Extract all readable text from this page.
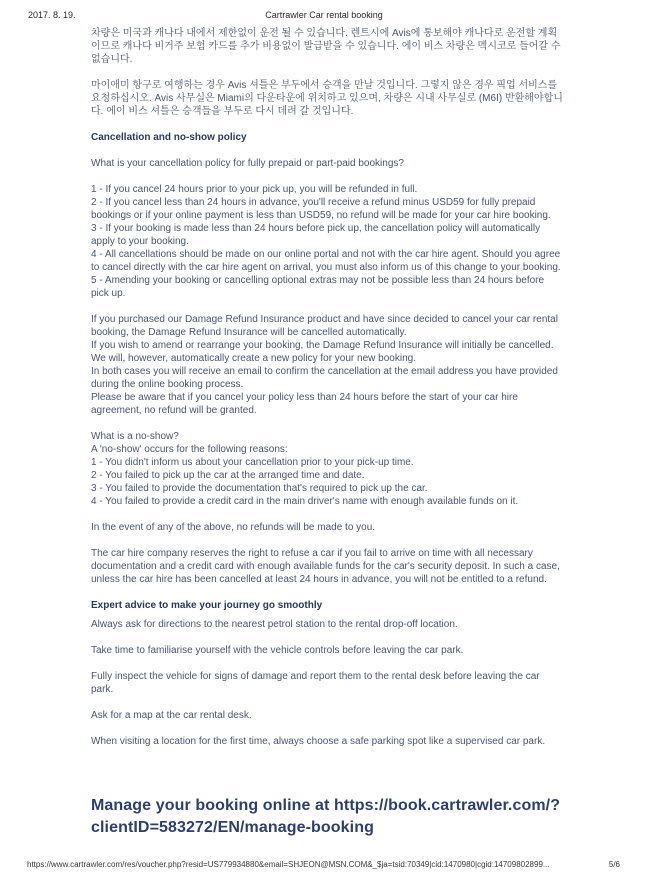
2017. 8. 19.	Cartrawler Car rental booking

차량은 미국과 캐나다 내에서 제한없이 운전 될 수 있습니다. 렌트시에 Avis에 통보해야 캐나다로 운전할 계획이므로 캐나다 비거주 보험 카드를 추가 비용없이 발급받을 수 있습니다. 에이 비스 차량은 멕시코로 들어갈 수 없습니다.

마이애미 항구로 여행하는 경우 Avis 셔틀은 부두에서 승객을 만날 것입니다. 그렇지 않은 경우 픽업 서비스를 요청하십시오. Avis 사무실은 Miami의 다운타운에 위치하고 있으며, 차량은 시내 사무실로 (M6I) 반환해야합니다. 에이 비스 셔틀은 승객들을 부두로 다시 데려 갈 것입니다.

Cancellation and no-show policy

What is your cancellation policy for fully prepaid or part-paid bookings?

1 - If you cancel 24 hours prior to your pick up, you will be refunded in full.
2 - If you cancel less than 24 hours in advance, you'll receive a refund minus USD59 for fully prepaid bookings or if your online payment is less than USD59, no refund will be made for your car hire booking.
3 - If your booking is made less than 24 hours before pick up, the cancellation policy will automatically apply to your booking.
4 - All cancellations should be made on our online portal and not with the car hire agent. Should you agree to cancel directly with the car hire agent on arrival, you must also inform us of this change to your booking.
5 - Amending your booking or cancelling optional extras may not be possible less than 24 hours before pick up.
If you purchased our Damage Refund Insurance product and have since decided to cancel your car rental booking, the Damage Refund Insurance will be cancelled automatically.
If you wish to amend or rearrange your booking, the Damage Refund Insurance will initially be cancelled. We will, however, automatically create a new policy for your new booking.
In both cases you will receive an email to confirm the cancellation at the email address you have provided during the online booking process.
Please be aware that if you cancel your policy less than 24 hours before the start of your car hire agreement, no refund will be granted.
What is a no-show?
A 'no-show' occurs for the following reasons:
1 - You didn't inform us about your cancellation prior to your pick-up time.
2 - You failed to pick up the car at the arranged time and date.
3 - You failed to provide the documentation that's required to pick up the car.
4 - You failed to provide a credit card in the main driver's name with enough available funds on it.

In the event of any of the above, no refunds will be made to you.

The car hire company reserves the right to refuse a car if you fail to arrive on time with all necessary documentation and a credit card with enough available funds for the car's security deposit. In such a case, unless the car hire has been cancelled at least 24 hours in advance, you will not be entitled to a refund.

Expert advice to make your journey go smoothly

Always ask for directions to the nearest petrol station to the rental drop-off location.

Take time to familiarise yourself with the vehicle controls before leaving the car park.

Fully inspect the vehicle for signs of damage and report them to the rental desk before leaving the car park.

Ask for a map at the car rental desk.

When visiting a location for the first time, always choose a safe parking spot like a supervised car park.

Manage your booking online at https://book.cartrawler.com/?
clientID=583272/EN/manage-booking
https://www.cartrawler.com/res/voucher.php?resid=US779934880&email=SHJEON@MSN.COM&_$ja=tsid:70349|cid:1470980|cgid:14709802899...	5/6
